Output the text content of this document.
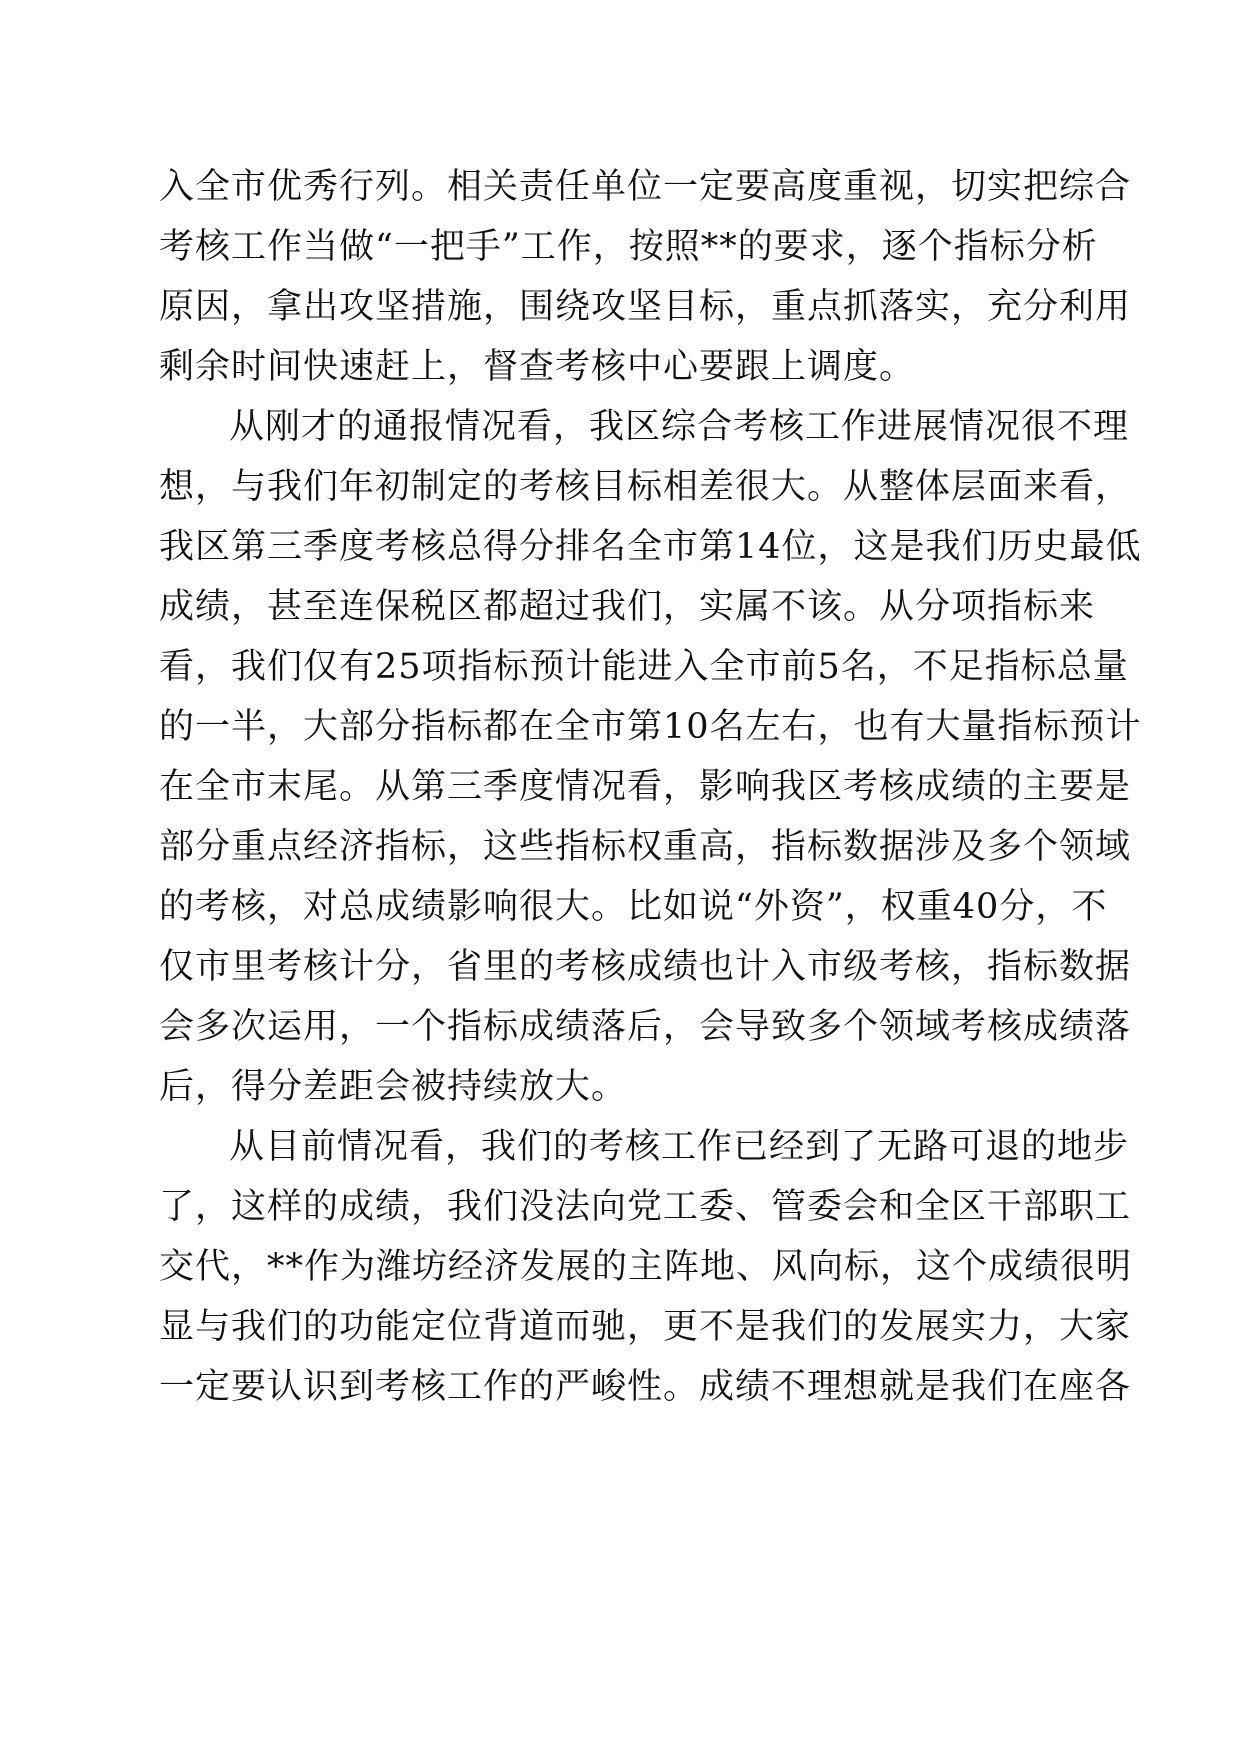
入全市优秀行列。相关责任单位一定要高度重视，切实把综合
考核工作当做“一把手”工作，按照**的要求，逐个指标分析
原因，拿出攻坚措施，围绕攻坚目标，重点抓落实，充分利用
剩余时间快速赶上，督查考核中心要跟上调度。
从刚才的通报情况看，我区综合考核工作进展情况很不理
想，与我们年初制定的考核目标相差很大。从整体层面来看，
我区第三季度考核总得分排名全市第14位，这是我们历史最低
成绩，甚至连保税区都超过我们，实属不该。从分项指标来
看，我们仅有25项指标预计能进入全市前5名，不足指标总量
的一半，大部分指标都在全市第10名左右，也有大量指标预计
在全市末尾。从第三季度情况看，影响我区考核成绩的主要是
部分重点经济指标，这些指标权重高，指标数据涉及多个领域
的考核，对总成绩影响很大。比如说“外资”，权重40分，不
仅市里考核计分，省里的考核成绩也计入市级考核，指标数据
会多次运用，一个指标成绩落后，会导致多个领域考核成绩落
后，得分差距会被持续放大。
从目前情况看，我们的考核工作已经到了无路可退的地步
了，这样的成绩，我们没法向党工委、管委会和全区干部职工
交代，**作为潍坊经济发展的主阵地、风向标，这个成绩很明
显与我们的功能定位背道而驰，更不是我们的发展实力，大家
一定要认识到考核工作的严峻性。成绩不理想就是我们在座各
